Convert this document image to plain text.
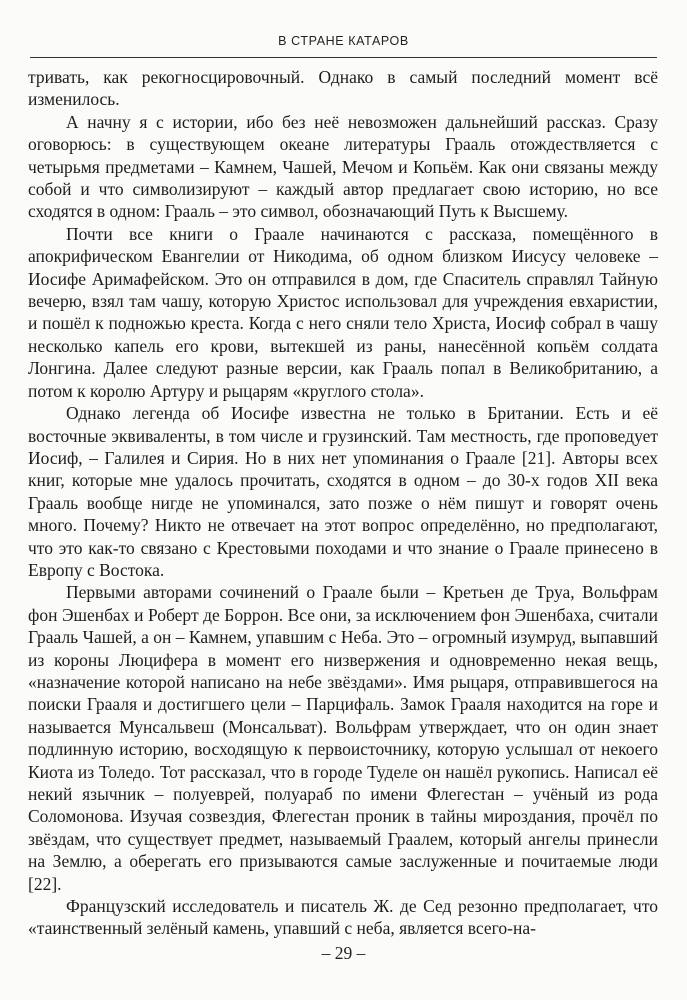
В СТРАНЕ КАТАРОВ

тривать, как рекогносцировочный. Однако в самый последний момент всё изменилось.

А начну я с истории, ибо без неё невозможен дальнейший рассказ. Сразу оговорюсь: в существующем океане литературы Грааль отождествляется с четырьмя предметами – Камнем, Чашей, Мечом и Копьём. Как они связаны между собой и что символизируют – каждый автор предлагает свою историю, но все сходятся в одном: Грааль – это символ, обозначающий Путь к Высшему.

Почти все книги о Граале начинаются с рассказа, помещённого в апокрифическом Евангелии от Никодима, об одном близком Иисусу человеке – Иосифе Аримафейском. Это он отправился в дом, где Спаситель справлял Тайную вечерю, взял там чашу, которую Христос использовал для учреждения евхаристии, и пошёл к подножью креста. Когда с него сняли тело Христа, Иосиф собрал в чашу несколько капель его крови, вытекшей из раны, нанесённой копьём солдата Лонгина. Далее следуют разные версии, как Грааль попал в Великобританию, а потом к королю Артуру и рыцарям «круглого стола».

Однако легенда об Иосифе известна не только в Британии. Есть и её восточные эквиваленты, в том числе и грузинский. Там местность, где проповедует Иосиф, – Галилея и Сирия. Но в них нет упоминания о Граале [21]. Авторы всех книг, которые мне удалось прочитать, сходятся в одном – до 30-х годов XII века Грааль вообще нигде не упоминался, зато позже о нём пишут и говорят очень много. Почему? Никто не отвечает на этот вопрос определённо, но предполагают, что это как-то связано с Крестовыми походами и что знание о Граале принесено в Европу с Востока.

Первыми авторами сочинений о Граале были – Кретьен де Труа, Вольфрам фон Эшенбах и Роберт де Боррон. Все они, за исключением фон Эшенбаха, считали Грааль Чашей, а он – Камнем, упавшим с Неба. Это – огромный изумруд, выпавший из короны Люцифера в момент его низвержения и одновременно некая вещь, «назначение которой написано на небе звёздами». Имя рыцаря, отправившегося на поиски Грааля и достигшего цели – Парцифаль. Замок Грааля находится на горе и называется Мунсальвеш (Монсальват). Вольфрам утверждает, что он один знает подлинную историю, восходящую к первоисточнику, которую услышал от некоего Киота из Толедо. Тот рассказал, что в городе Туделе он нашёл рукопись. Написал её некий язычник – полуеврей, полуараб по имени Флегестан – учёный из рода Соломонова. Изучая созвездия, Флегестан проник в тайны мироздания, прочёл по звёздам, что существует предмет, называемый Граалем, который ангелы принесли на Землю, а оберегать его призываются самые заслуженные и почитаемые люди [22].

Французский исследователь и писатель Ж. де Сед резонно предполагает, что «таинственный зелёный камень, упавший с неба, является всего-на-

– 29 –
